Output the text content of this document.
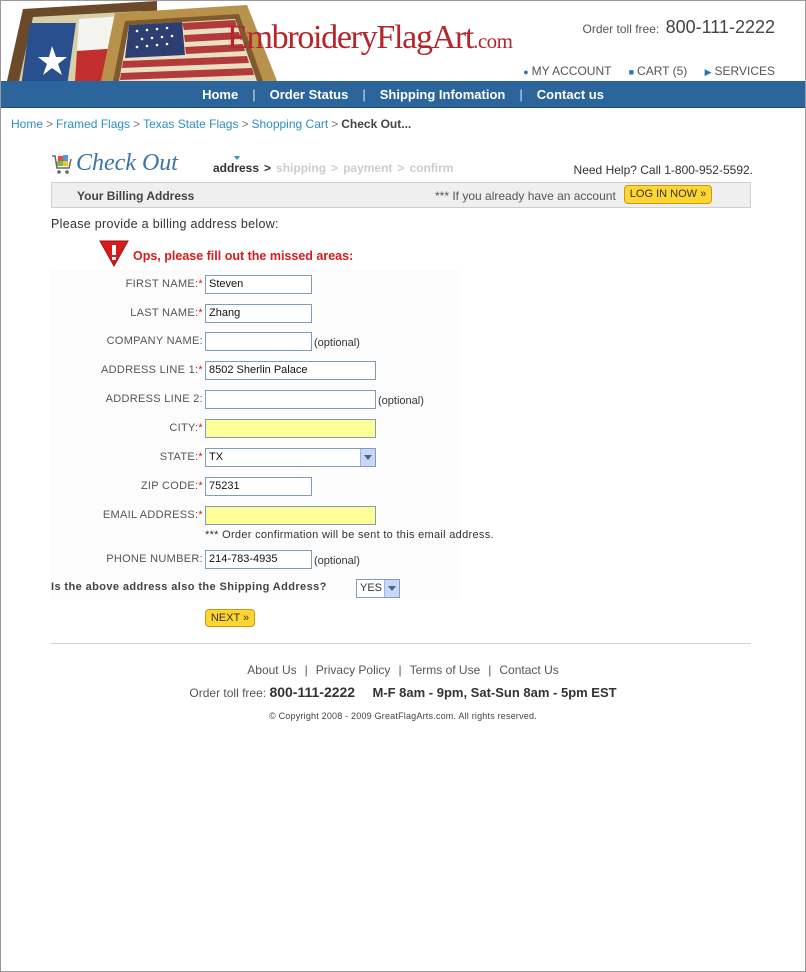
EmbroideryFlagArt.com	Order toll free: 800-111-2222
● MY ACCOUNT ■ CART (5) ▶ SERVICES
Home | Order Status | Shipping Infomation | Contact us
Home > Framed Flags > Texas State Flags > Shopping Cart > Check Out...
Check Out	address > shipping > payment > confirm	Need Help? Call 1-800-952-5592.
Your Billing Address	*** If you already have an account	LOG IN NOW »
Please provide a billing address below:
Ops, please fill out the missed areas:
FIRST NAME:* Steven
LAST NAME:* Zhang
COMPANY NAME:	(optional)
ADDRESS LINE 1:* 8502 Sherlin Palace
ADDRESS LINE 2:	(optional)
CITY:*
STATE:* TX
ZIP CODE:* 75231
EMAIL ADDRESS:*
*** Order confirmation will be sent to this email address.
PHONE NUMBER: 214-783-4935	(optional)
Is the above address also the Shipping Address?	YES
NEXT »
About Us | Privacy Policy | Terms of Use | Contact Us
Order toll free: 800-111-2222 M-F 8am - 9pm, Sat-Sun 8am - 5pm EST
© Copyright 2008 - 2009 GreatFlagArts.com. All rights reserved.
